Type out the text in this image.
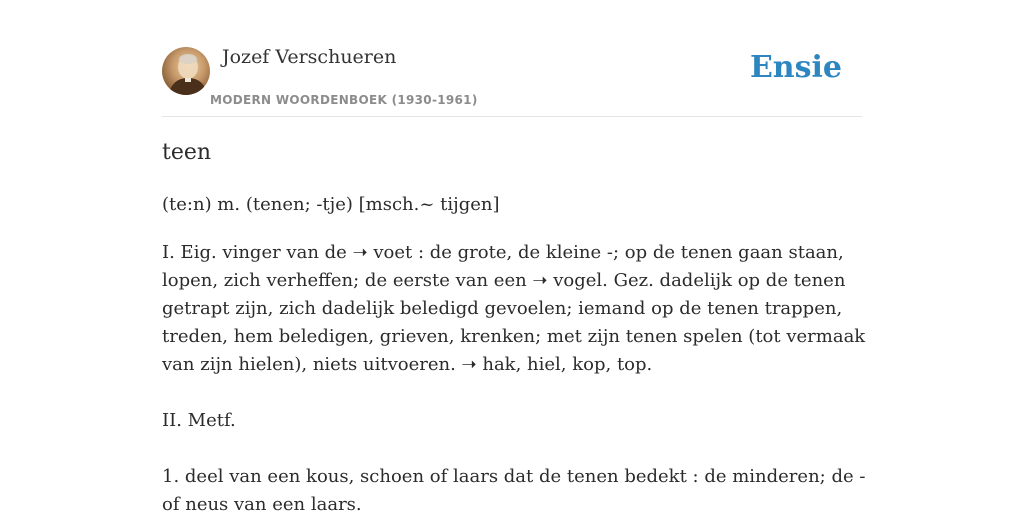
Jozef Verschueren
MODERN WOORDENBOEK (1930-1961)
Ensie
teen
(te:n) m. (tenen; -tje) [msch.~ tijgen]

I. Eig. vinger van de ➝ voet : de grote, de kleine -; op de tenen gaan staan, lopen, zich verheffen; de eerste van een ➝ vogel. Gez. dadelijk op de tenen getrapt zijn, zich dadelijk beledigd gevoelen; iemand op de tenen trappen, treden, hem beledigen, grieven, krenken; met zijn tenen spelen (tot vermaak van zijn hielen), niets uitvoeren. ➝ hak, hiel, kop, top.

II. Metf.

1. deel van een kous, schoen of laars dat de tenen bedekt : de minderen; de - of neus van een laars.
